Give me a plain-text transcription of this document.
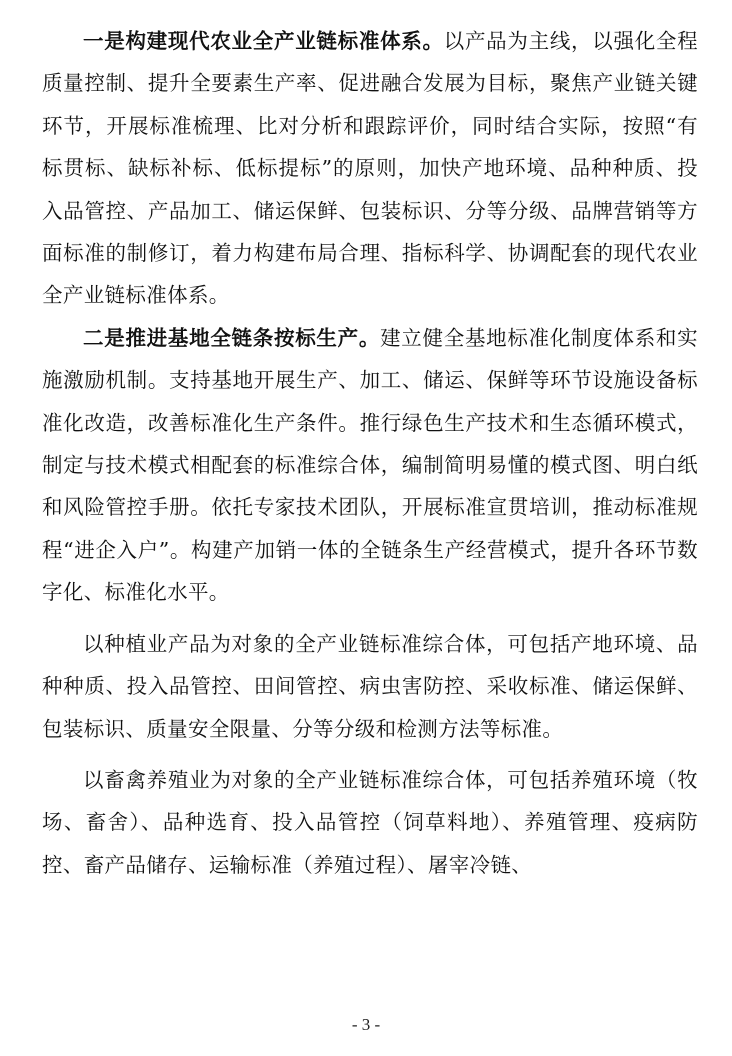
一是构建现代农业全产业链标准体系。以产品为主线，以强化全程质量控制、提升全要素生产率、促进融合发展为目标，聚焦产业链关键环节，开展标准梳理、比对分析和跟踪评价，同时结合实际，按照“有标贯标、缺标补标、低标提标”的原则，加快产地环境、品种种质、投入品管控、产品加工、储运保鲜、包装标识、分等分级、品牌营销等方面标准的制修订，着力构建布局合理、指标科学、协调配套的现代农业全产业链标准体系。

二是推进基地全链条按标生产。建立健全基地标准化制度体系和实施激励机制。支持基地开展生产、加工、储运、保鲜等环节设施设备标准化改造，改善标准化生产条件。推行绿色生产技术和生态循环模式，制定与技术模式相配套的标准综合体，编制简明易懂的模式图、明白纸和风险管控手册。依托专家技术团队，开展标准宣贯培训，推动标准规程“进企入户”。构建产加销一体的全链条生产经营模式，提升各环节数字化、标准化水平。

以种植业产品为对象的全产业链标准综合体，可包括产地环境、品种种质、投入品管控、田间管控、病虫害防控、采收标准、储运保鲜、包装标识、质量安全限量、分等分级和检测方法等标准。

以畜禽养殖业为对象的全产业链标准综合体，可包括养殖环境（牧场、畜舍）、品种选育、投入品管控（饲草料地）、养殖管理、疫病防控、畜产品储存、运输标准（养殖过程）、屠宰冷链、

- 3 -
